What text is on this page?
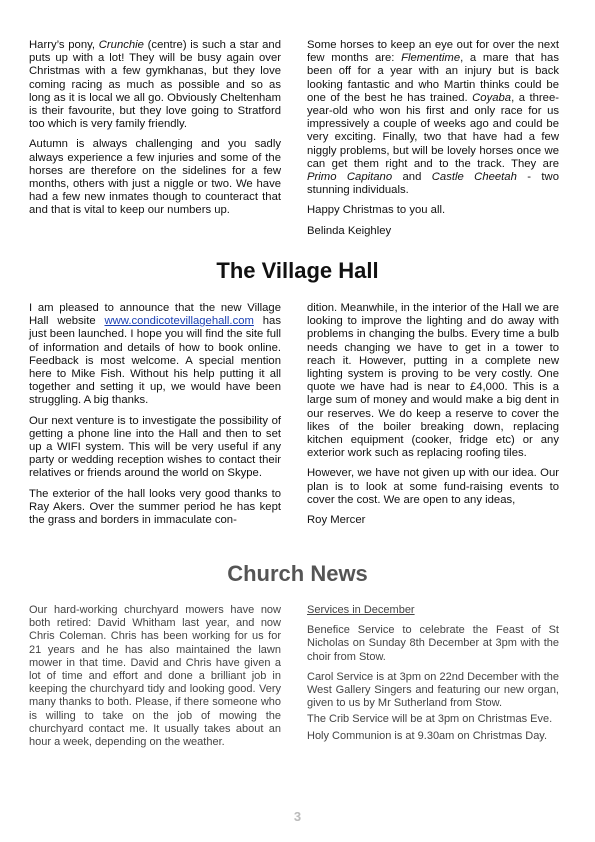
Harry’s pony, Crunchie (centre) is such a star and puts up with a lot! They will be busy again over Christmas with a few gymkhanas, but they love coming racing as much as possible and so as long as it is local we all go. Obviously Cheltenham is their favourite, but they love going to Stratford too which is very family friendly.

Autumn is always challenging and you sadly always experience a few injuries and some of the horses are therefore on the sidelines for a few months, others with just a niggle or two. We have had a few new inmates though to counteract that and that is vital to keep our numbers up.

Some horses to keep an eye out for over the next few months are: Flementime, a mare that has been off for a year with an injury but is back looking fantastic and who Martin thinks could be one of the best he has trained. Coyaba, a three-year-old who won his first and only race for us impressively a couple of weeks ago and could be very exciting. Finally, two that have had a few niggly problems, but will be lovely horses once we can get them right and to the track. They are Primo Capitano and Castle Cheetah - two stunning individuals.

Happy Christmas to you all.

Belinda Keighley

The Village Hall

I am pleased to announce that the new Village Hall website www.condicotevillagehall.com has just been launched. I hope you will find the site full of information and details of how to book online. Feedback is most welcome. A special mention here to Mike Fish. Without his help putting it all together and setting it up, we would have been struggling. A big thanks.

Our next venture is to investigate the possibility of getting a phone line into the Hall and then to set up a WIFI system. This will be very useful if any party or wedding reception wishes to contact their relatives or friends around the world on Skype.

The exterior of the hall looks very good thanks to Ray Akers. Over the summer period he has kept the grass and borders in immaculate con-

dition. Meanwhile, in the interior of the Hall we are looking to improve the lighting and do away with problems in changing the bulbs. Every time a bulb needs changing we have to get in a tower to reach it. However, putting in a complete new lighting system is proving to be very costly. One quote we have had is near to £4,000. This is a large sum of money and would make a big dent in our reserves. We do keep a reserve to cover the likes of the boiler breaking down, replacing kitchen equipment (cooker, fridge etc) or any exterior work such as replacing roofing tiles.

However, we have not given up with our idea. Our plan is to look at some fund-raising events to cover the cost. We are open to any ideas,

Roy Mercer

Church News

Our hard-working churchyard mowers have now both retired: David Whitham last year, and now Chris Coleman. Chris has been working for us for 21 years and he has also maintained the lawn mower in that time. David and Chris have given a lot of time and effort and done a brilliant job in keeping the churchyard tidy and looking good. Very many thanks to both. Please, if there someone who is willing to take on the job of mowing the churchyard contact me. It usually takes about an hour a week, depending on the weather.

Services in December

Benefice Service to celebrate the Feast of St Nicholas on Sunday 8th December at 3pm with the choir from Stow.

Carol Service is at 3pm on 22nd December with the West Gallery Singers and featuring our new organ, given to us by Mr Sutherland from Stow.

The Crib Service will be at 3pm on Christmas Eve.

Holy Communion is at 9.30am on Christmas Day.

3
